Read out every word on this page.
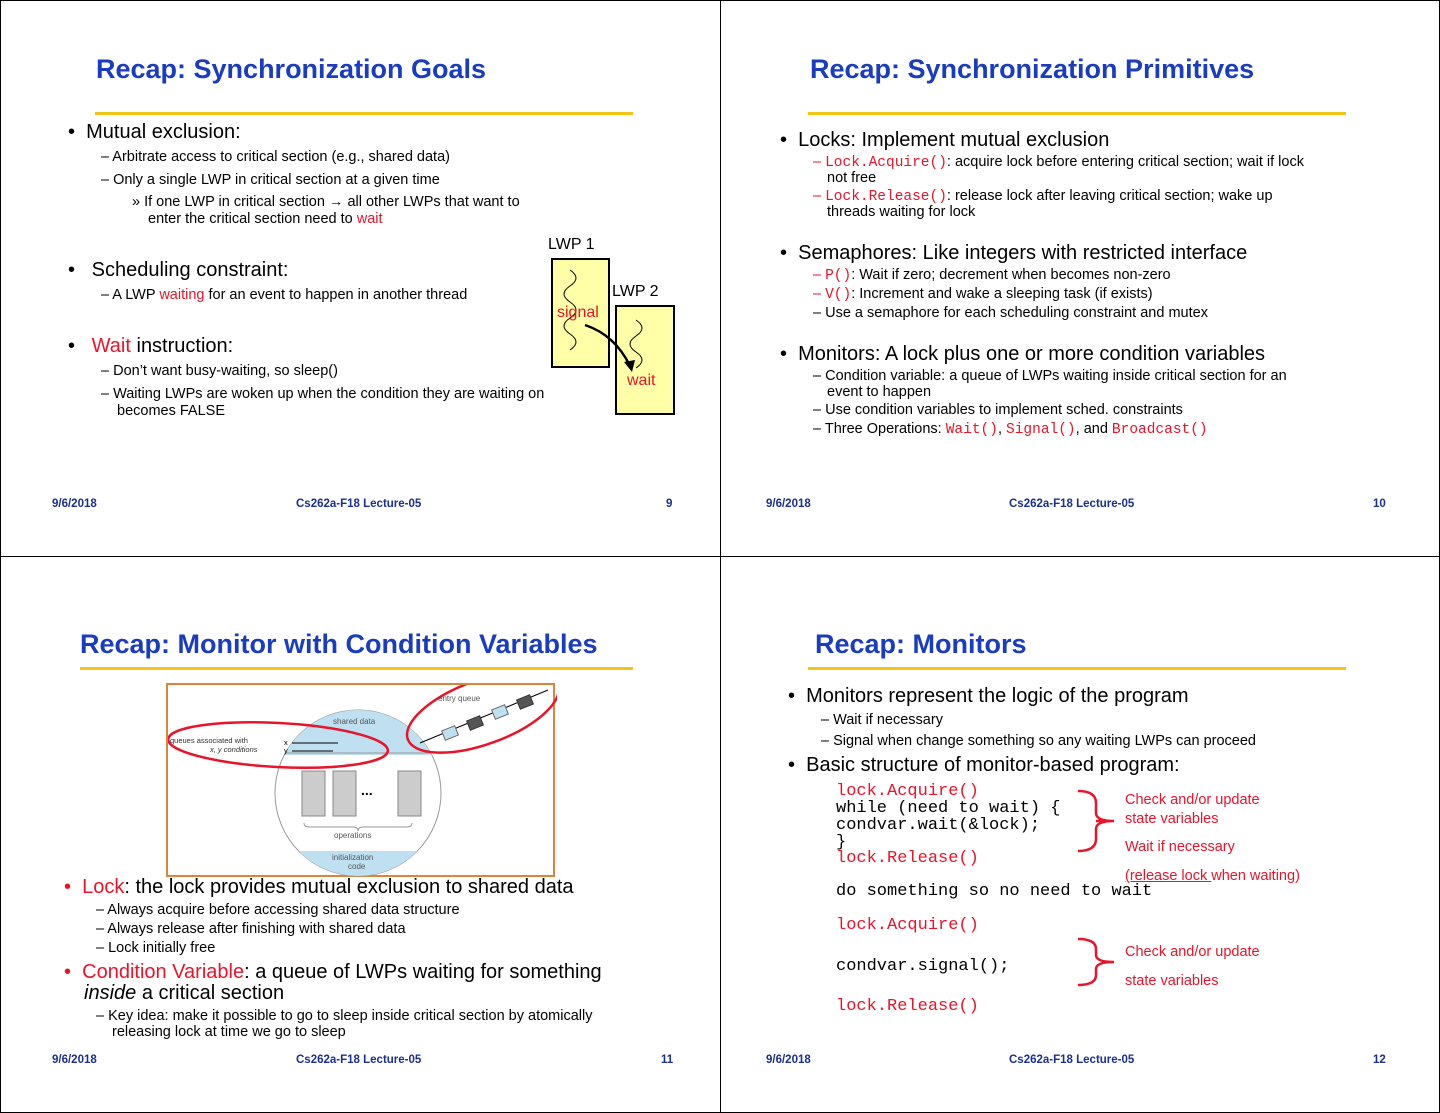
Recap: Synchronization Goals
•  Mutual exclusion:
– Arbitrate access to critical section (e.g., shared data)
– Only a single LWP in critical section at a given time
» If one LWP in critical section → all other LWPs that want to
enter the critical section need to wait
•   Scheduling constraint:
– A LWP waiting for an event to happen in another thread
•   Wait instruction:
– Don’t want busy-waiting, so sleep()
– Waiting LWPs are woken up when the condition they are waiting on
becomes FALSE
LWP 1
LWP 2
signal
wait
9/6/2018	Cs262a-F18 Lecture-05	9
Recap: Synchronization Primitives
•  Locks: Implement mutual exclusion
– Lock.Acquire(): acquire lock before entering critical section; wait if lock
not free
– Lock.Release(): release lock after leaving critical section; wake up
threads waiting for lock
•  Semaphores: Like integers with restricted interface
– P(): Wait if zero; decrement when becomes non-zero
– V(): Increment and wake a sleeping task (if exists)
– Use a semaphore for each scheduling constraint and mutex
•  Monitors: A lock plus one or more condition variables
– Condition variable: a queue of LWPs waiting inside critical section for an
event to happen
– Use condition variables to implement sched. constraints
– Three Operations: Wait(), Signal(), and Broadcast()
9/6/2018	Cs262a-F18 Lecture-05	10
Recap: Monitor with Condition Variables
entry queue
shared data
queues associated with
x, y conditions
x
y
...
operations
initialization
code
•  Lock: the lock provides mutual exclusion to shared data
– Always acquire before accessing shared data structure
– Always release after finishing with shared data
– Lock initially free
•  Condition Variable: a queue of LWPs waiting for something
inside a critical section
– Key idea: make it possible to go to sleep inside critical section by atomically
releasing lock at time we go to sleep
9/6/2018	Cs262a-F18 Lecture-05	11
Recap: Monitors
•  Monitors represent the logic of the program
– Wait if necessary
– Signal when change something so any waiting LWPs can proceed
•  Basic structure of monitor-based program:
lock.Acquire()
while (need to wait) {
condvar.wait(&lock);
}
lock.Release()
do something so no need to wait
lock.Acquire()
condvar.signal();
lock.Release()
Check and/or update
state variables
Wait if necessary
(release lock when waiting)
Check and/or update
state variables
9/6/2018	Cs262a-F18 Lecture-05	12
